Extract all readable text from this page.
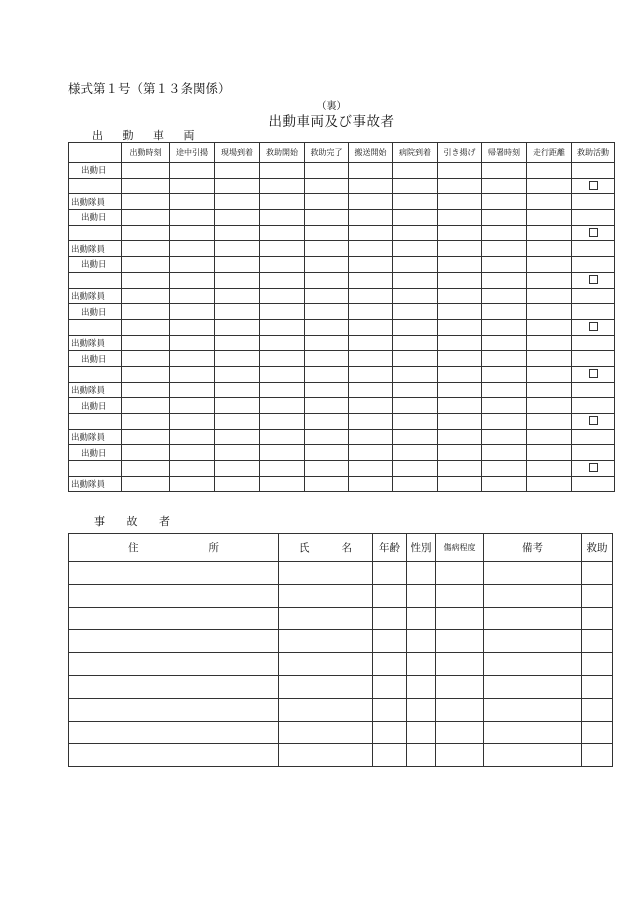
様式第１号（第１３条関係）
（裏）
出動車両及び事故者
出 動 車 両
	出動時刻	途中引揚	現場到着	救助開始	救助完了	搬送開始	病院到着	引き揚げ	帰署時刻	走行距離	救助活動
出動日											

出動隊員											
出動日											

出動隊員											
出動日											

出動隊員											
出動日											

出動隊員											
出動日											

出動隊員											
出動日											

出動隊員											
出動日											

出動隊員											
事 故 者
住 所	氏 名	年齢	性別	傷病程度	備考	救助
